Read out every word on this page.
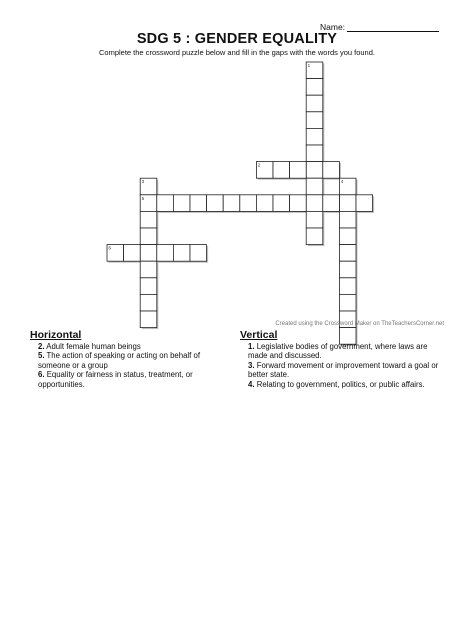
Name:
SDG 5 : GENDER EQUALITY
Complete the crossword puzzle below and fill in the gaps with the words you found.
1
2
3
5
4
6
Created using the Crossword Maker on TheTeachersCorner.net
Horizontal

2. Adult female human beings

5. The action of speaking or acting on behalf of someone or a group

6. Equality or fairness in status, treatment, or opportunities.

Vertical

1. Legislative bodies of government, where laws are made and discussed.

3. Forward movement or improvement toward a goal or better state.

4. Relating to government, politics, or public affairs.
